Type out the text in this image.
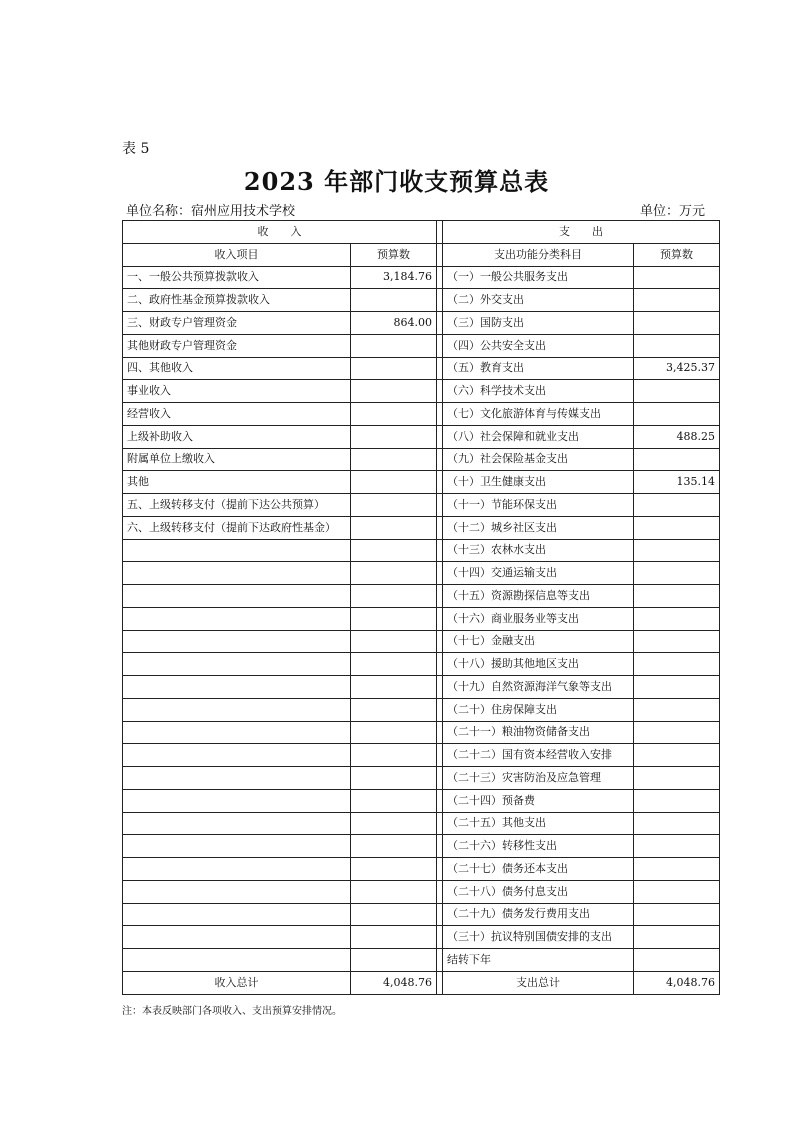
表 5
2023 年部门收支预算总表
单位名称：宿州应用技术学校	单位：万元
收　　入			支　　出	
收入项目	预算数		支出功能分类科目	预算数
一、一般公共预算拨款收入	3,184.76		（一）一般公共服务支出	
二、政府性基金预算拨款收入			（二）外交支出	
三、财政专户管理资金	864.00		（三）国防支出	
其他财政专户管理资金			（四）公共安全支出	
四、其他收入			（五）教育支出	3,425.37
事业收入			（六）科学技术支出	
经营收入			（七）文化旅游体育与传媒支出	
上级补助收入			（八）社会保障和就业支出	488.25
附属单位上缴收入			（九）社会保险基金支出	
其他			（十）卫生健康支出	135.14
五、上级转移支付（提前下达公共预算）			（十一）节能环保支出	
六、上级转移支付（提前下达政府性基金）			（十二）城乡社区支出	
			（十三）农林水支出	
			（十四）交通运输支出	
			（十五）资源勘探信息等支出	
			（十六）商业服务业等支出	
			（十七）金融支出	
			（十八）援助其他地区支出	
			（十九）自然资源海洋气象等支出	
			（二十）住房保障支出	
			（二十一）粮油物资储备支出	
			（二十二）国有资本经营收入安排	
			（二十三）灾害防治及应急管理	
			（二十四）预备费	
			（二十五）其他支出	
			（二十六）转移性支出	
			（二十七）债务还本支出	
			（二十八）债务付息支出	
			（二十九）债务发行费用支出	
			（三十）抗议特别国债安排的支出	
			结转下年	
收入总计	4,048.76		支出总计	4,048.76
注：本表反映部门各项收入、支出预算安排情况。
